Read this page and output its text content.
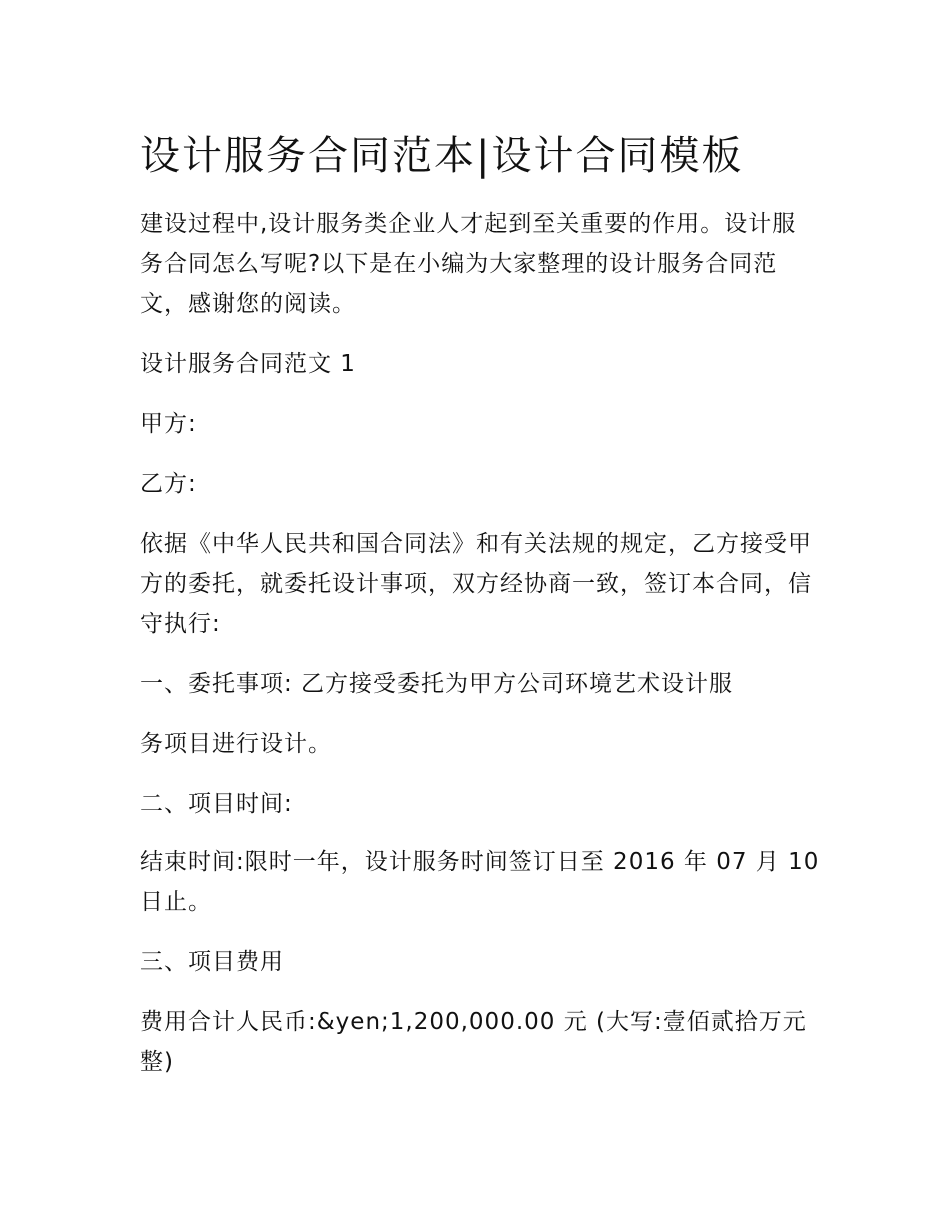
设计服务合同范本|设计合同模板

建设过程中,设计服务类企业人才起到至关重要的作用。设计服务合同怎么写呢?以下是在小编为大家整理的设计服务合同范文，感谢您的阅读。

设计服务合同范文 1

甲方:

乙方:

依据《中华人民共和国合同法》和有关法规的规定，乙方接受甲方的委托，就委托设计事项，双方经协商一致，签订本合同，信守执行:

一、委托事项: 乙方接受委托为甲方公司环境艺术设计服

务项目进行设计。

二、项目时间:

结束时间:限时一年，设计服务时间签订日至 2016 年 07 月 10 日止。

三、项目费用

费用合计人民币:&yen;1,200,000.00 元 (大写:壹佰贰拾万元整)
